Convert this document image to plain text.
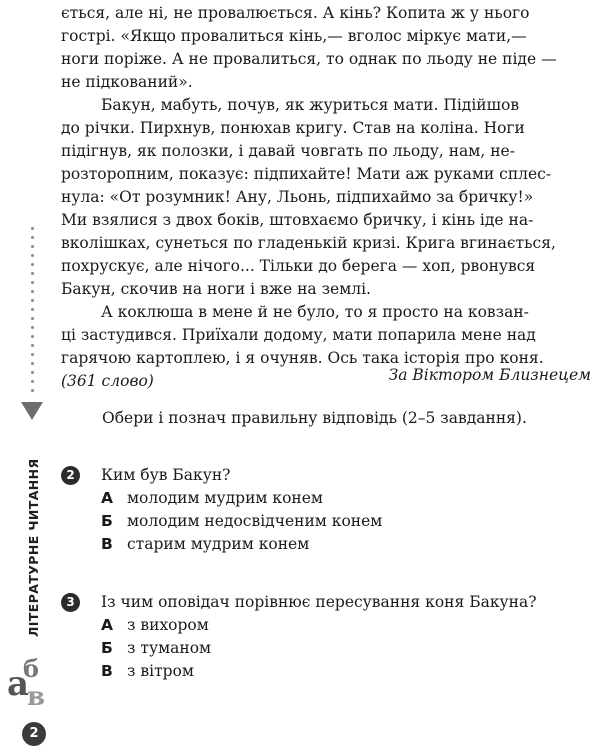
ЛІТЕРАТУРНЕ ЧИТАННЯ
а
б
в
2
ється, але ні, не провалюється. А кінь? Копита ж у нього
гострі. «Якщо провалиться кінь,— вголос міркує мати,—
ноги поріже. А не провалиться, то однак по льоду не піде —
не підкований».
Бакун, мабуть, почув, як журиться мати. Підійшов
до річки. Пирхнув, понюхав кригу. Став на коліна. Ноги
підігнув, як полозки, і давай човгать по льоду, нам, не-
розторопним, показує: підпихайте! Мати аж руками сплес-
нула: «От розумник! Ану, Льонь, підпихаймо за бричку!»
Ми взялися з двох боків, штовхаємо бричку, і кінь іде на-
вколішках, сунеться по гладенькій кризі. Крига вгинається,
похрускує, але нічого... Тільки до берега — хоп, рвонувся
Бакун, скочив на ноги і вже на землі.
А коклюша в мене й не було, то я просто на ковзан-
ці застудився. Приїхали додому, мати попарила мене над
гарячою картоплею, і я очуняв. Ось така історія про коня.
(361 слово)	За Віктором Близнецем
Обери і познач правильну відповідь (2–5 завдання).
2	Ким був Бакун?
А молодим мудрим конем
Б молодим недосвідченим конем
В старим мудрим конем
3	Із чим оповідач порівнює пересування коня Бакуна?
А з вихором
Б з туманом
В з вітром
